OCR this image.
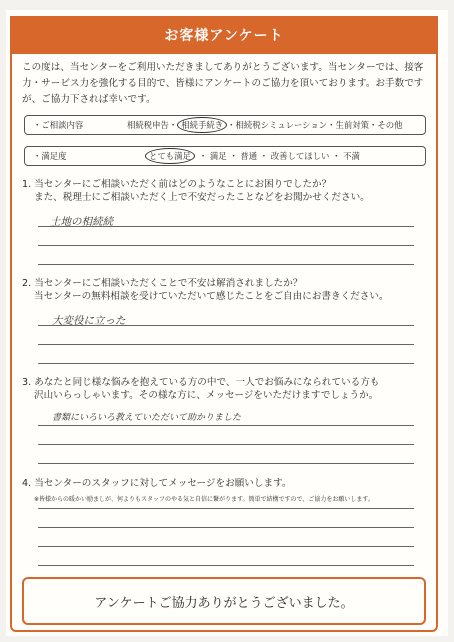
お客様アンケート
この度は、当センターをご利用いただきましてありがとうございます。当センターでは、接客力・サービス力を強化する目的で、皆様にアンケートのご協力を頂いております。お手数ですが、ご協力下されば幸いです。
・ご相談内容	相続税申告・ 相続手続き ・相続税シミュレーション・生前対策・その他
・満足度	とても満足 ・ 満足 ・ 普通 ・ 改善してほしい ・ 不満
1. 当センターにご相談いただく前はどのようなことにお困りでしたか？
また、税理士にご相談いただく上で不安だったことなどをお聞かせください。
土地の相続続
2. 当センターにご相談いただくことで不安は解消されましたか？
当センターの無料相談を受けていただいて感じたことをご自由にお書きください。
大変役に立った
3. あなたと同じ様な悩みを抱えている方の中で、一人でお悩みになられている方も
沢山いらっしゃいます。その様な方に、メッセージをいただけますでしょうか。
書類にいろいろ教えていただいて助かりました
4. 当センターのスタッフに対してメッセージをお願いします。
※皆様からの暖かい励ましが、何よりもスタッフのやる気と自信に繋がります。簡単で結構ですので、ご協力をお願いします。
アンケートご協力ありがとうございました。
